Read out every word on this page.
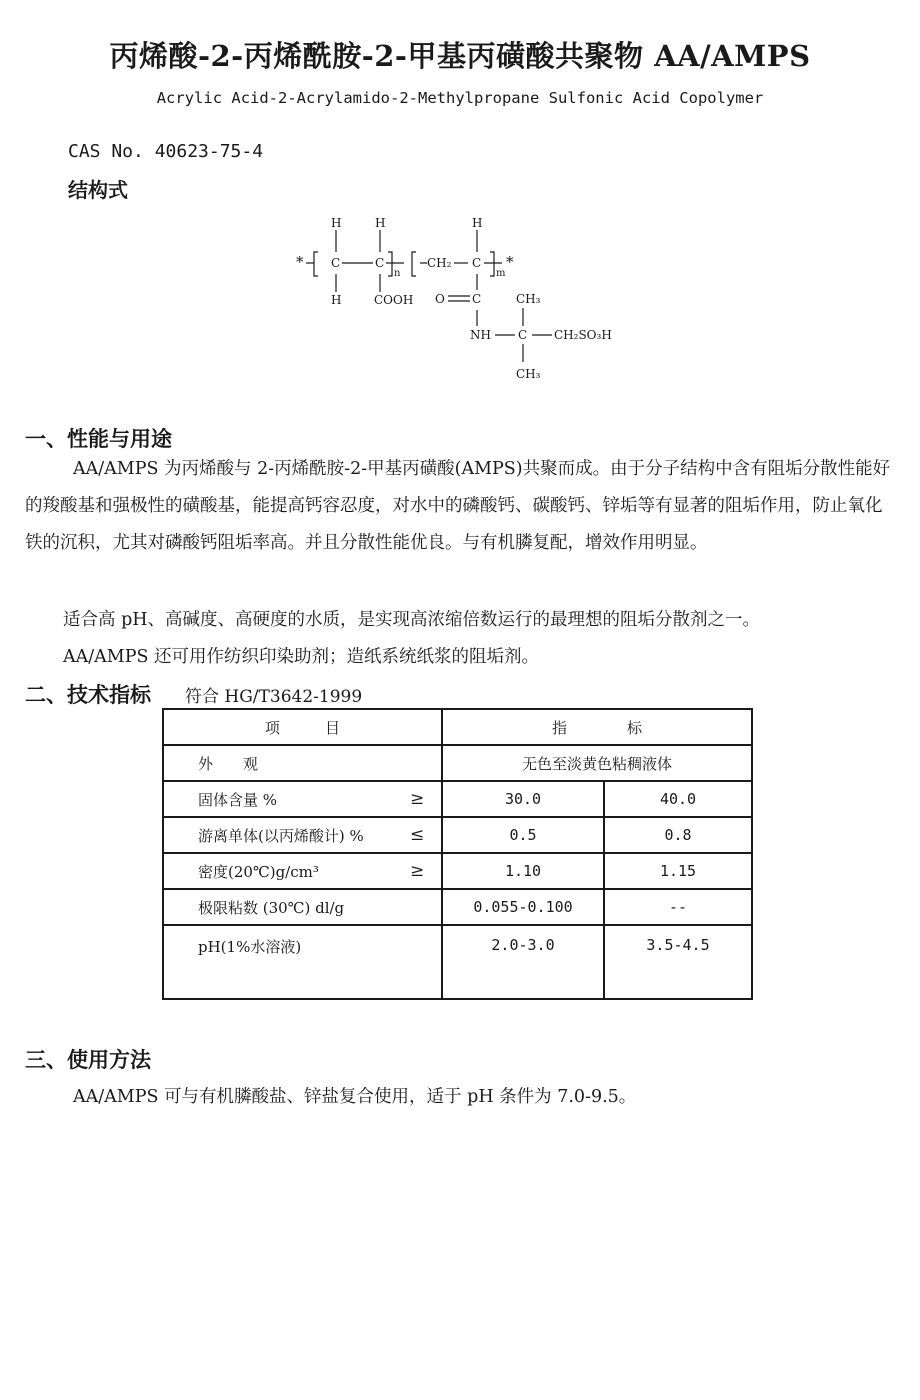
丙烯酸-2-丙烯酰胺-2-甲基丙磺酸共聚物 AA/AMPS
Acrylic Acid-2-Acrylamido-2-Methylpropane Sulfonic Acid Copolymer
CAS No. 40623-75-4
结构式
*
H
C
H
H
C
COOH
n
CH₂
H
C
m
*
O C	CH₃
NH C CH₂SO₃H
CH₃
一、性能与用途
AA/AMPS 为丙烯酸与 2-丙烯酰胺-2-甲基丙磺酸(AMPS)共聚而成。由于分子结构中含有阻垢分散性能好的羧酸基和强极性的磺酸基，能提高钙容忍度，对水中的磷酸钙、碳酸钙、锌垢等有显著的阻垢作用，防止氧化铁的沉积，尤其对磷酸钙阻垢率高。并且分散性能优良。与有机膦复配，增效作用明显。
适合高 pH、高碱度、高硬度的水质，是实现高浓缩倍数运行的最理想的阻垢分散剂之一。
AA/AMPS 还可用作纺织印染助剂；造纸系统纸浆的阻垢剂。
二、技术指标 符合 HG/T3642-1999
项　　　目	指　　　　标	
外　　观	无色至淡黄色粘稠液体	
固体含量 % ≥	30.0	40.0
游离单体(以丙烯酸计) % ≤	0.5	0.8
密度(20℃)g/cm³ ≥	1.10	1.15
极限粘数 (30℃) dl/g	0.055-0.100	--
pH(1%水溶液)	2.0-3.0	3.5-4.5
三、使用方法
AA/AMPS 可与有机膦酸盐、锌盐复合使用，适于 pH 条件为 7.0-9.5。
